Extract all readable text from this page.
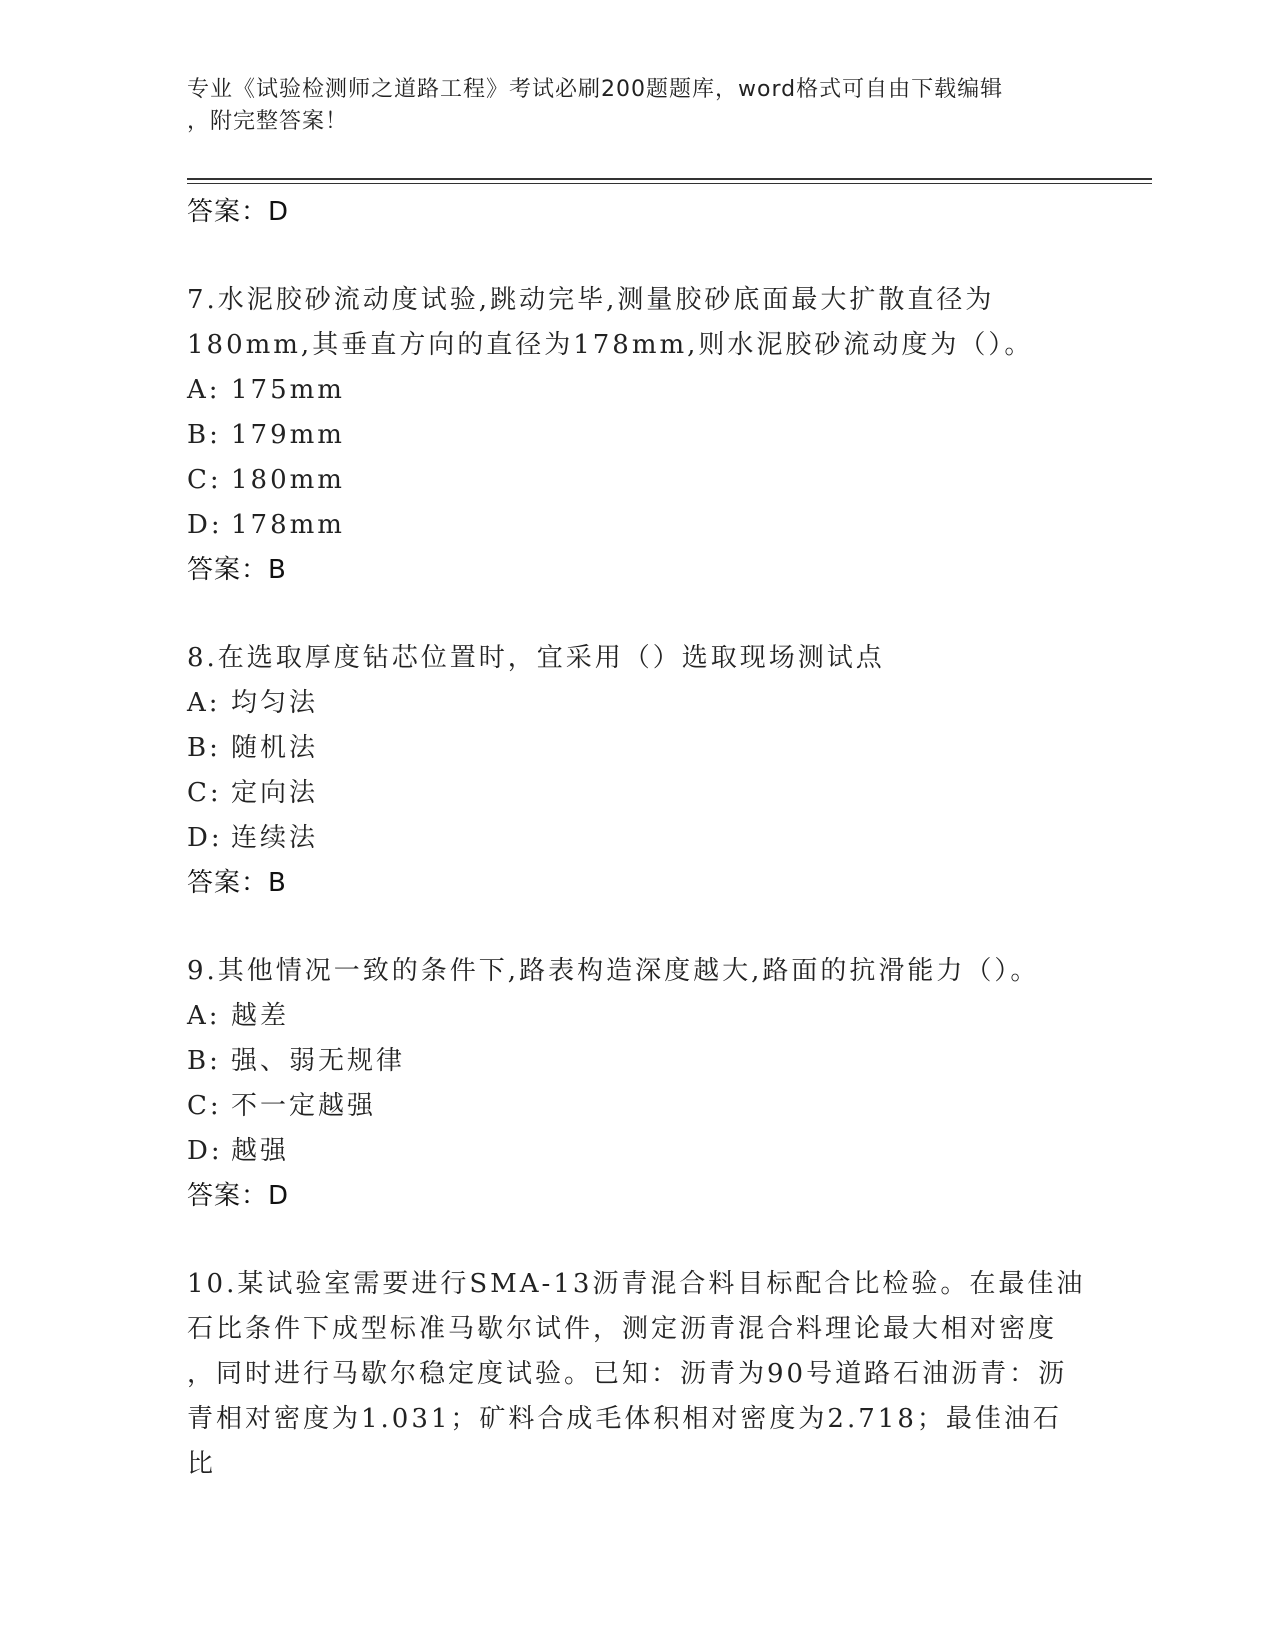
专业《试验检测师之道路工程》考试必刷200题题库，word格式可自由下载编辑
，附完整答案！
答案：D
7.水泥胶砂流动度试验,跳动完毕,测量胶砂底面最大扩散直径为
180mm,其垂直方向的直径为178mm,则水泥胶砂流动度为（）。
A: 175mm
B: 179mm
C: 180mm
D: 178mm
答案：B
8.在选取厚度钻芯位置时，宜采用（）选取现场测试点
A: 均匀法
B: 随机法
C: 定向法
D: 连续法
答案：B
9.其他情况一致的条件下,路表构造深度越大,路面的抗滑能力（）。
A: 越差
B: 强、弱无规律
C: 不一定越强
D: 越强
答案：D
10.某试验室需要进行SMA-13沥青混合料目标配合比检验。在最佳油
石比条件下成型标准马歇尔试件，测定沥青混合料理论最大相对密度
，同时进行马歇尔稳定度试验。已知：沥青为90号道路石油沥青：沥
青相对密度为1.031；矿料合成毛体积相对密度为2.718；最佳油石比
